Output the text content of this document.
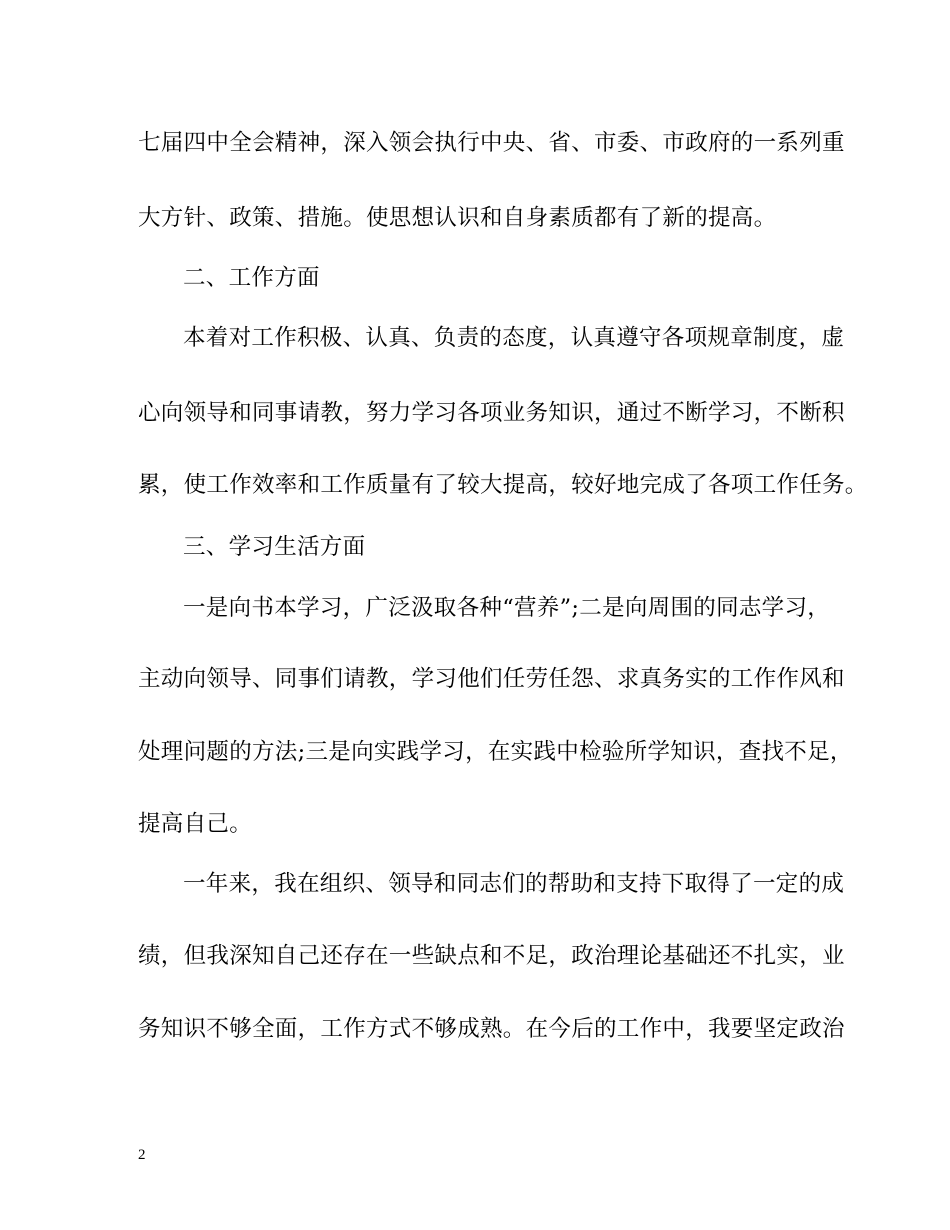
七届四中全会精神，深入领会执行中央、省、市委、市政府的一系列重
大方针、政策、措施。使思想认识和自身素质都有了新的提高。
二、工作方面
本着对工作积极、认真、负责的态度，认真遵守各项规章制度，虚
心向领导和同事请教，努力学习各项业务知识，通过不断学习，不断积
累，使工作效率和工作质量有了较大提高，较好地完成了各项工作任务。
三、学习生活方面
一是向书本学习，广泛汲取各种“营养”;二是向周围的同志学习，
主动向领导、同事们请教，学习他们任劳任怨、求真务实的工作作风和
处理问题的方法;三是向实践学习，在实践中检验所学知识，查找不足，
提高自己。
一年来，我在组织、领导和同志们的帮助和支持下取得了一定的成
绩，但我深知自己还存在一些缺点和不足，政治理论基础还不扎实，业
务知识不够全面，工作方式不够成熟。在今后的工作中，我要坚定政治
2
